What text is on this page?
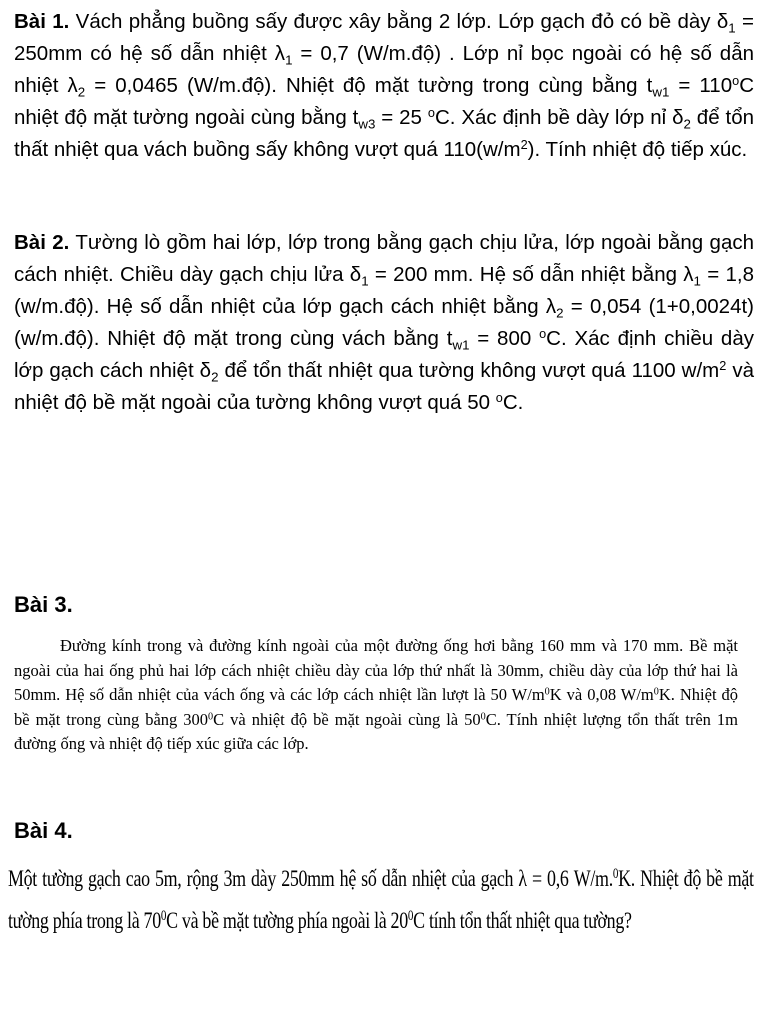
Bài 1. Vách phẳng buồng sấy được xây bằng 2 lớp. Lớp gạch đỏ có bề dày $\delta_1 = 250mm$ có hệ số dẫn nhiệt $\lambda_1 = 0,7$ (W/m.độ) . Lớp nỉ bọc ngoài có hệ số dẫn nhiệt $\lambda_2 = 0,0465$ (W/m.độ). Nhiệt độ mặt tường trong cùng bằng $t_{w1} = 110^oC$ nhiệt độ mặt tường ngoài cùng bằng $t_{w3} = 25$ $^o$C. Xác định bề dày lớp nỉ $\delta_2$ để tổn thất nhiệt qua vách buồng sấy không vượt quá $110(w/m^2)$. Tính nhiệt độ tiếp xúc.
Bài 2. Tường lò gồm hai lớp, lớp trong bằng gạch chịu lửa, lớp ngoài bằng gạch cách nhiệt. Chiều dày gạch chịu lửa $\delta_1 = 200$ mm. Hệ số dẫn nhiệt bằng $\lambda_1 = 1,8$ (w/m.độ). Hệ số dẫn nhiệt của lớp gạch cách nhiệt bằng $\lambda_2 = 0,054$ (1+0,0024t) (w/m.độ). Nhiệt độ mặt trong cùng vách bằng $t_{w1} = 800$ $^o$C. Xác định chiều dày lớp gạch cách nhiệt $\delta_2$ để tổn thất nhiệt qua tường không vượt quá 1100 $w/m^2$ và nhiệt độ bề mặt ngoài của tường không vượt quá 50 $^o$C.
Bài 3.
Đường kính trong và đường kính ngoài của một đường ống hơi bằng 160 mm và 170 mm. Bề mặt ngoài của hai ống phủ hai lớp cách nhiệt chiều dày của lớp thứ nhất là 30mm, chiều dày của lớp thứ hai là 50mm. Hệ số dẫn nhiệt của vách ống và các lớp cách nhiệt lần lượt là 50 $W/m^0K$ và 0,08 $W/m^0K$. Nhiệt độ bề mặt trong cùng bằng $300^0C$ và nhiệt độ bề mặt ngoài cùng là $50^0C$. Tính nhiệt lượng tổn thất trên 1m đường ống và nhiệt độ tiếp xúc giữa các lớp.
Bài 4.
Một tường gạch cao 5m, rộng 3m dày 250mm hệ số dẫn nhiệt của gạch λ = 0,6 W/m.$^0$K. Nhiệt độ bề mặt tường phía trong là $70^0C$ và bề mặt tường phía ngoài là $20^0C$ tính tổn thất nhiệt qua tường?
